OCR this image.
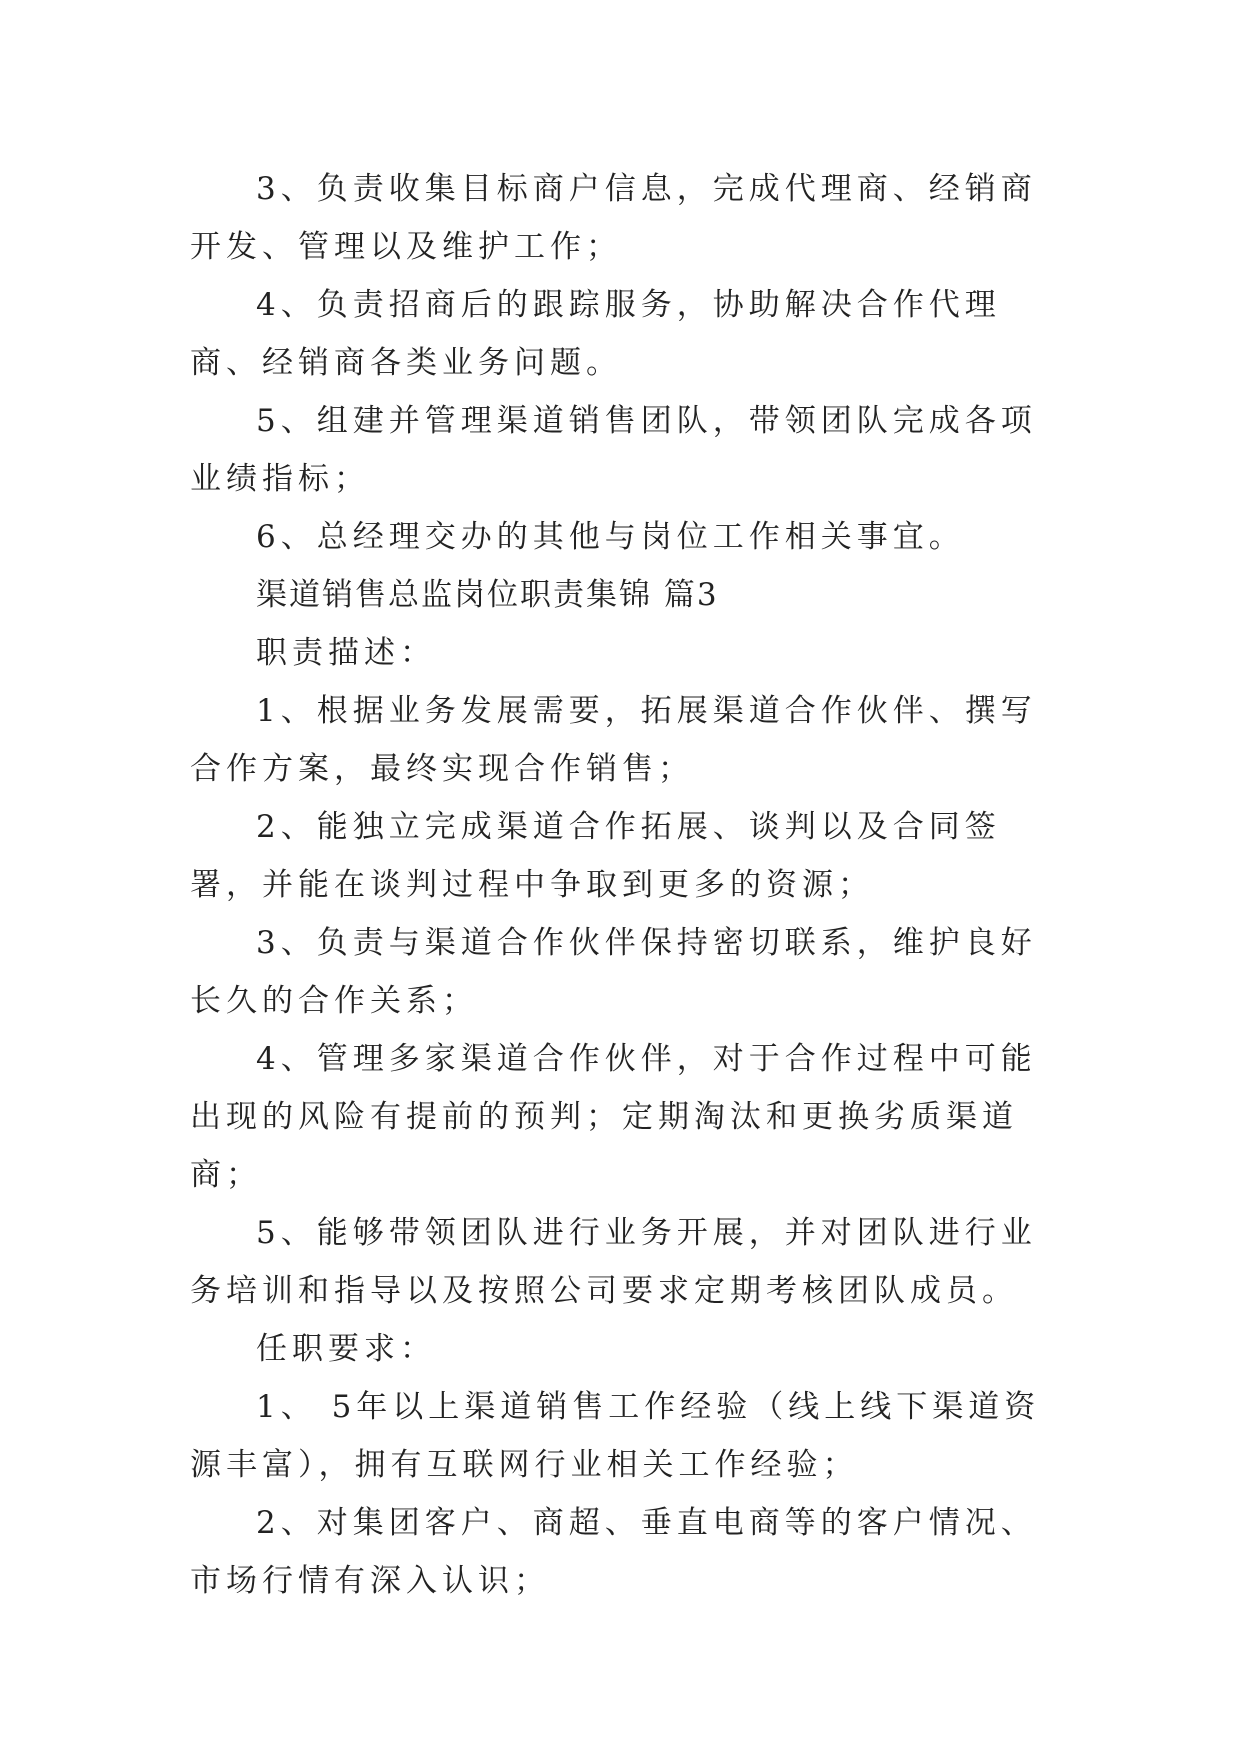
3、负责收集目标商户信息，完成代理商、经销商开发、管理以及维护工作；

4、负责招商后的跟踪服务，协助解决合作代理商、经销商各类业务问题。

5、组建并管理渠道销售团队，带领团队完成各项业绩指标；

6、总经理交办的其他与岗位工作相关事宜。

渠道销售总监岗位职责集锦 篇3

职责描述：

1、根据业务发展需要，拓展渠道合作伙伴、撰写合作方案，最终实现合作销售；

2、能独立完成渠道合作拓展、谈判以及合同签署，并能在谈判过程中争取到更多的资源；

3、负责与渠道合作伙伴保持密切联系，维护良好长久的合作关系；

4、管理多家渠道合作伙伴，对于合作过程中可能出现的风险有提前的预判；定期淘汰和更换劣质渠道商；

5、能够带领团队进行业务开展，并对团队进行业务培训和指导以及按照公司要求定期考核团队成员。

任职要求：

1、 5年以上渠道销售工作经验（线上线下渠道资源丰富），拥有互联网行业相关工作经验；

2、对集团客户、商超、垂直电商等的客户情况、市场行情有深入认识；
